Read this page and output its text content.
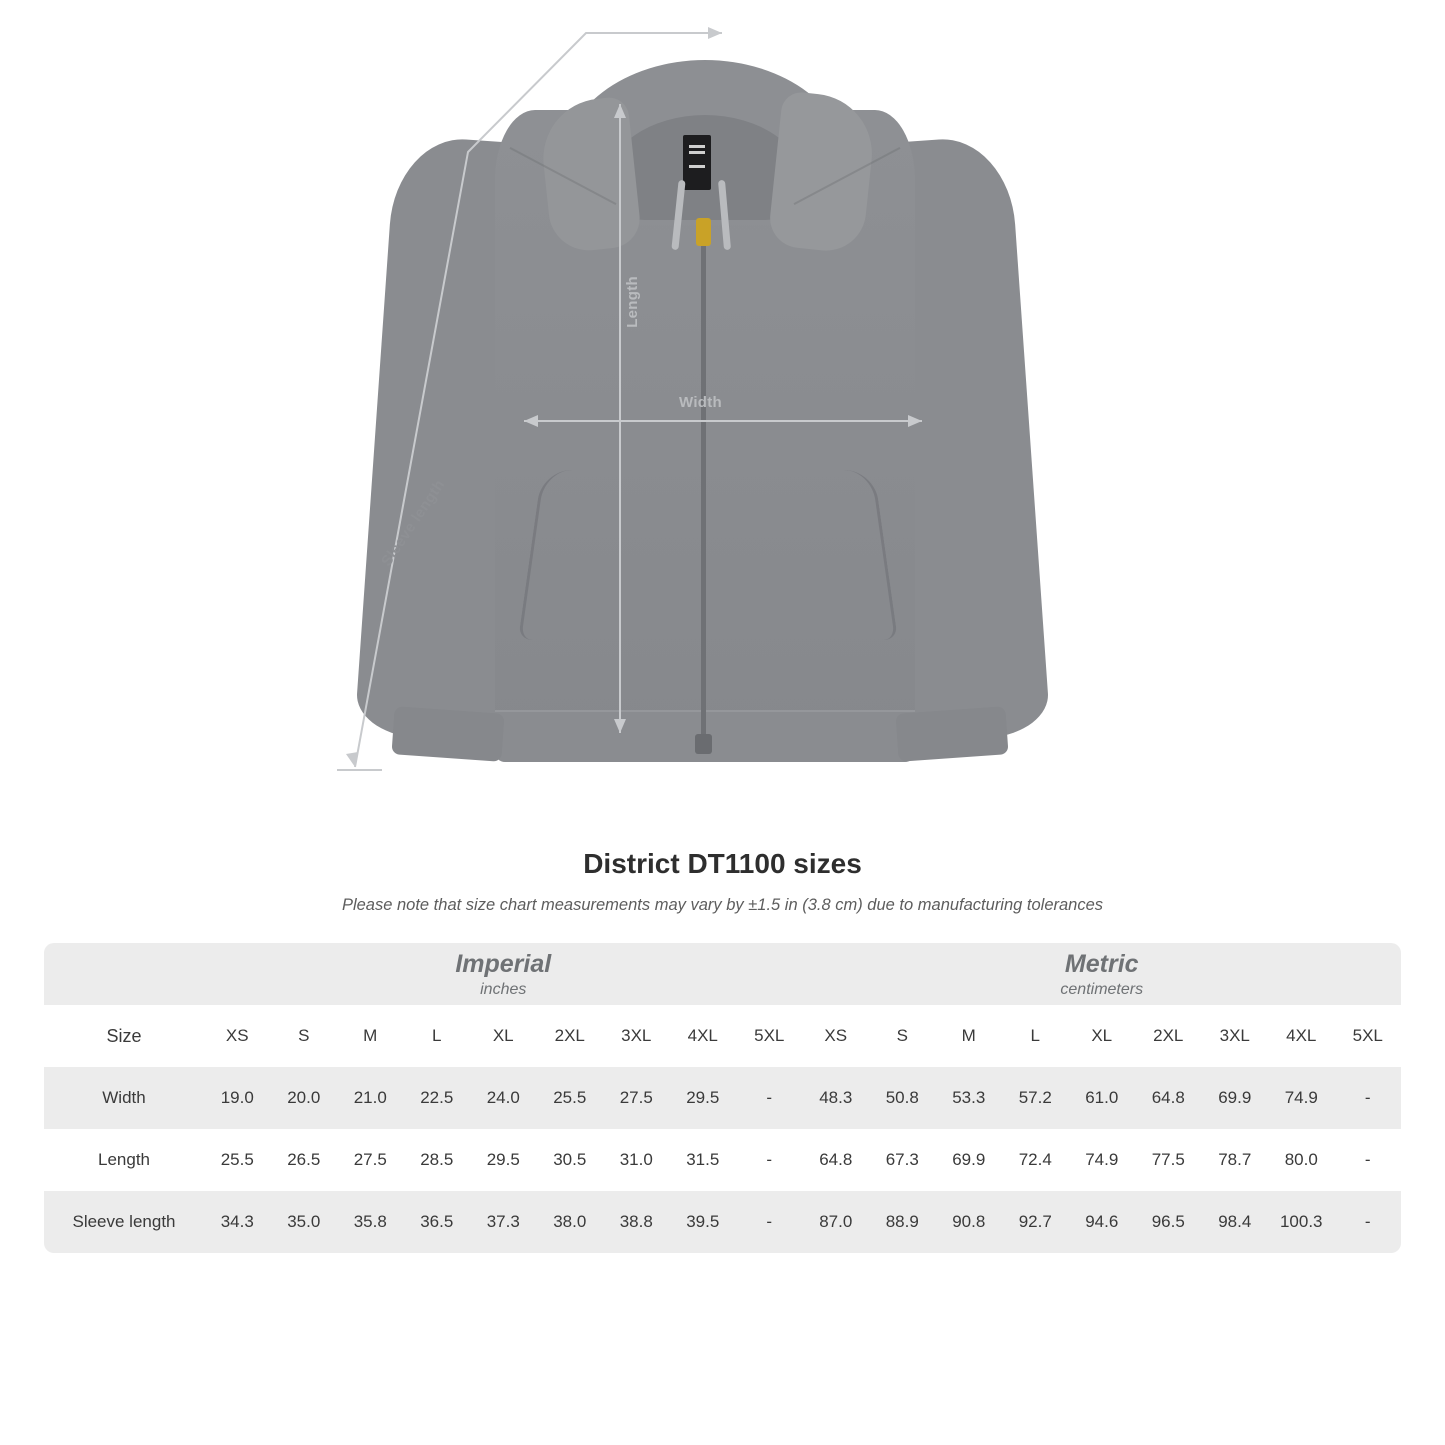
Width
Length
Sleeve length
District DT1100 sizes

Please note that size chart measurements may vary by ±1.5 in (3.8 cm) due to manufacturing tolerances

Imperial
inches

Metric
centimeters

Size	XS	S	M	L	XL	2XL	3XL	4XL	5XL	XS	S	M	L	XL	2XL	3XL	4XL	5XL
Width	19.0	20.0	21.0	22.5	24.0	25.5	27.5	29.5	-	48.3	50.8	53.3	57.2	61.0	64.8	69.9	74.9	-
Length	25.5	26.5	27.5	28.5	29.5	30.5	31.0	31.5	-	64.8	67.3	69.9	72.4	74.9	77.5	78.7	80.0	-
Sleeve length	34.3	35.0	35.8	36.5	37.3	38.0	38.8	39.5	-	87.0	88.9	90.8	92.7	94.6	96.5	98.4	100.3	-
